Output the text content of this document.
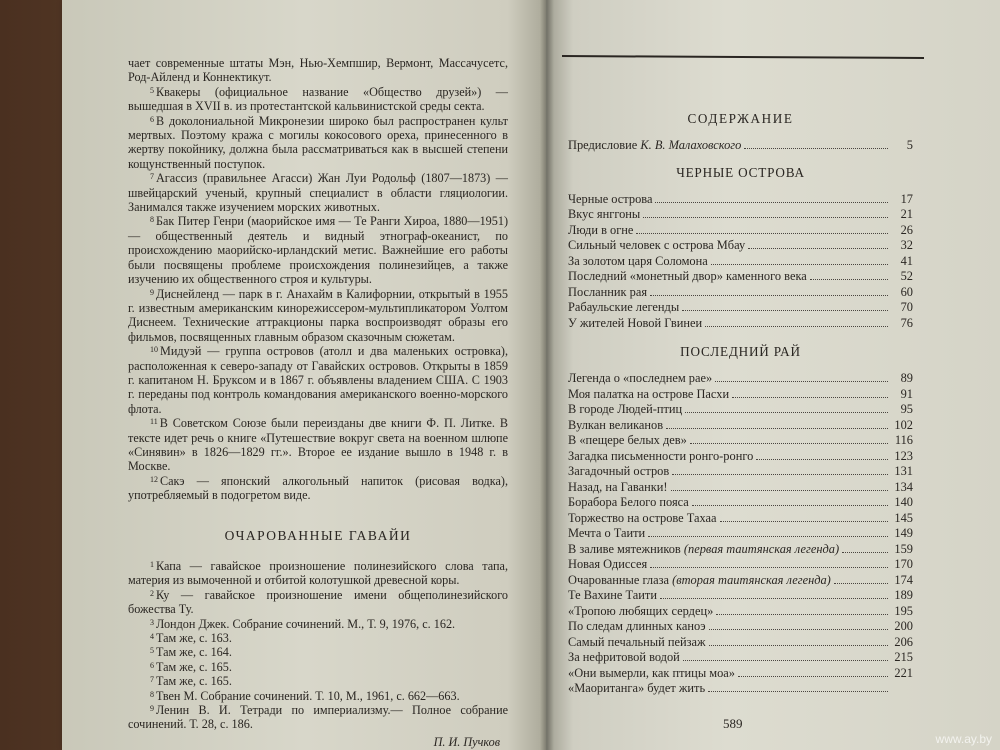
чает современные штаты Мэн, Нью-Хемпшир, Вермонт, Массачусетс, Род-Айленд и Коннектикут.

$^5$ Квакеры (официальное название «Общество друзей») — вышедшая в XVII в. из протестантской кальвинистской среды секта.

$^6$ В доколониальной Микронезии широко был распространен культ мертвых. Поэтому кража с могилы кокосового ореха, принесенного в жертву покойнику, должна была рассматриваться как в высшей степени кощунственный поступок.

$^7$ Агассиз (правильнее Агасси) Жан Луи Родольф (1807—1873) — швейцарский ученый, крупный специалист в области гляциологии. Занимался также изучением морских животных.

$^8$ Бак Питер Генри (маорийское имя — Те Ранги Хироа, 1880—1951) — общественный деятель и видный этнограф-океанист, по происхождению маорийско-ирландский метис. Важнейшие его работы были посвящены проблеме происхождения полинезийцев, а также изучению их общественного строя и культуры.

$^9$ Диснейленд — парк в г. Анахайм в Калифорнии, открытый в 1955 г. известным американским кинорежиссером-мультипликатором Уолтом Диснеем. Технические аттракционы парка воспроизводят образы его фильмов, посвященных главным образом сказочным сюжетам.

$^{10}$ Мидуэй — группа островов (атолл и два маленьких островка), расположенная к северо-западу от Гавайских островов. Открыты в 1859 г. капитаном Н. Бруксом и в 1867 г. объявлены владением США. С 1903 г. переданы под контроль командования американского военно-морского флота.

$^{11}$ В Советском Союзе были переизданы две книги Ф. П. Литке. В тексте идет речь о книге «Путешествие вокруг света на военном шлюпе «Синявин» в 1826—1829 гг.». Второе ее издание вышло в 1948 г. в Москве.

$^{12}$ Сакэ — японский алкогольный напиток (рисовая водка), употребляемый в подогретом виде.

ОЧАРОВАННЫЕ ГАВАЙИ

$^1$ Капа — гавайское произношение полинезийского слова тапа, материя из вымоченной и отбитой колотушкой древесной коры.

$^2$ Ку — гавайское произношение имени общеполинезийского божества Ту.

$^3$ Лондон Джек. Собрание сочинений. М., Т. 9, 1976, с. 162.

$^4$ Там же, с. 163.

$^5$ Там же, с. 164.

$^6$ Там же, с. 165.

$^7$ Там же, с. 165.

$^8$ Твен М. Собрание сочинений. Т. 10, М., 1961, с. 662—663.

$^9$ Ленин В. И. Тетради по империализму.— Полное собрание сочинений. Т. 28, с. 186.

П. И. Пучков
СОДЕРЖАНИЕ
Предисловие К. В. Малаховского	5
ЧЕРНЫЕ ОСТРОВА
Черные острова	17
Вкус янггоны	21
Люди в огне	26
Сильный человек с острова Мбау	32
За золотом царя Соломона	41
Последний «монетный двор» каменного века	52
Посланник рая	60
Рабаульские легенды	70
У жителей Новой Гвинеи	76
ПОСЛЕДНИЙ РАЙ
Легенда о «последнем рае»	89
Моя палатка на острове Пасхи	91
В городе Людей-птиц	95
Вулкан великанов	102
В «пещере белых дев»	116
Загадка письменности ронго-ронго	123
Загадочный остров	131
Назад, на Гаванки!	134
Борабора Белого пояса	140
Торжество на острове Тахаа	145
Мечта о Таити	149
В заливе мятежников (первая таитянская легенда)	159
Новая Одиссея	170
Очарованные глаза (вторая таитянская легенда)	174
Те Вахине Таити	189
«Тропою любящих сердец»	195
По следам длинных каноэ	200
Самый печальный пейзаж	206
За нефритовой водой	215
«Они вымерли, как птицы моа»	221
«Маоританга» будет жить
589
www.ay.by
